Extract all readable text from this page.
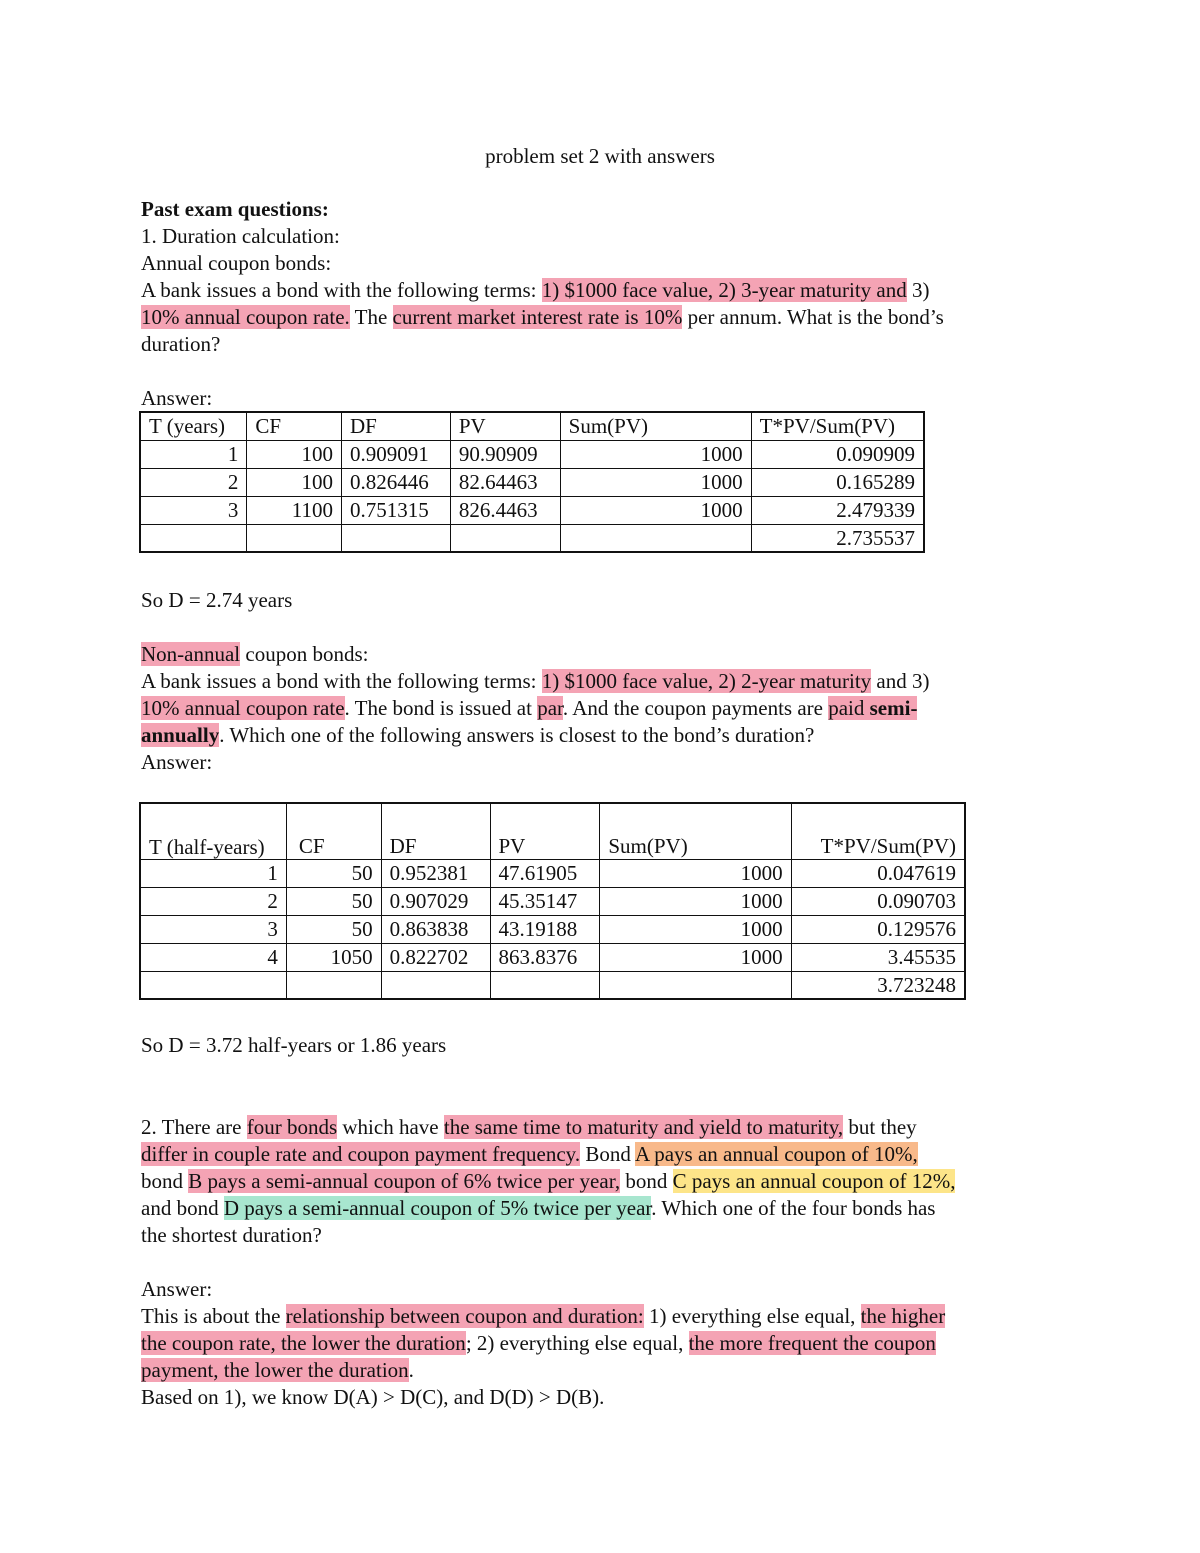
problem set 2 with answers
Past exam questions:
1. Duration calculation:
Annual coupon bonds:
A bank issues a bond with the following terms: 1) $1000 face value, 2) 3-year maturity and 3)
10% annual coupon rate. The current market interest rate is 10% per annum. What is the bond’s
duration?
Answer:
T (years)	CF	DF	PV	Sum(PV)	T*PV/Sum(PV)
1	100	0.909091	90.90909	1000	0.090909
2	100	0.826446	82.64463	1000	0.165289
3	1100	0.751315	826.4463	1000	2.479339
					2.735537
So D = 2.74 years
Non-annual coupon bonds:
A bank issues a bond with the following terms: 1) $1000 face value, 2) 2-year maturity and 3)
10% annual coupon rate. The bond is issued at par. And the coupon payments are paid semi-
annually. Which one of the following answers is closest to the bond’s duration?
Answer:
T (half-years)	CF	DF	PV	Sum(PV)	T*PV/Sum(PV)
1	50	0.952381	47.61905	1000	0.047619
2	50	0.907029	45.35147	1000	0.090703
3	50	0.863838	43.19188	1000	0.129576
4	1050	0.822702	863.8376	1000	3.45535
					3.723248
So D = 3.72 half-years or 1.86 years
2. There are four bonds which have the same time to maturity and yield to maturity, but they
differ in couple rate and coupon payment frequency. Bond A pays an annual coupon of 10%,
bond B pays a semi-annual coupon of 6% twice per year, bond C pays an annual coupon of 12%,
and bond D pays a semi-annual coupon of 5% twice per year. Which one of the four bonds has
the shortest duration?
Answer:
This is about the relationship between coupon and duration: 1) everything else equal, the higher
the coupon rate, the lower the duration; 2) everything else equal, the more frequent the coupon
payment, the lower the duration.
Based on 1), we know D(A) > D(C), and D(D) > D(B).
